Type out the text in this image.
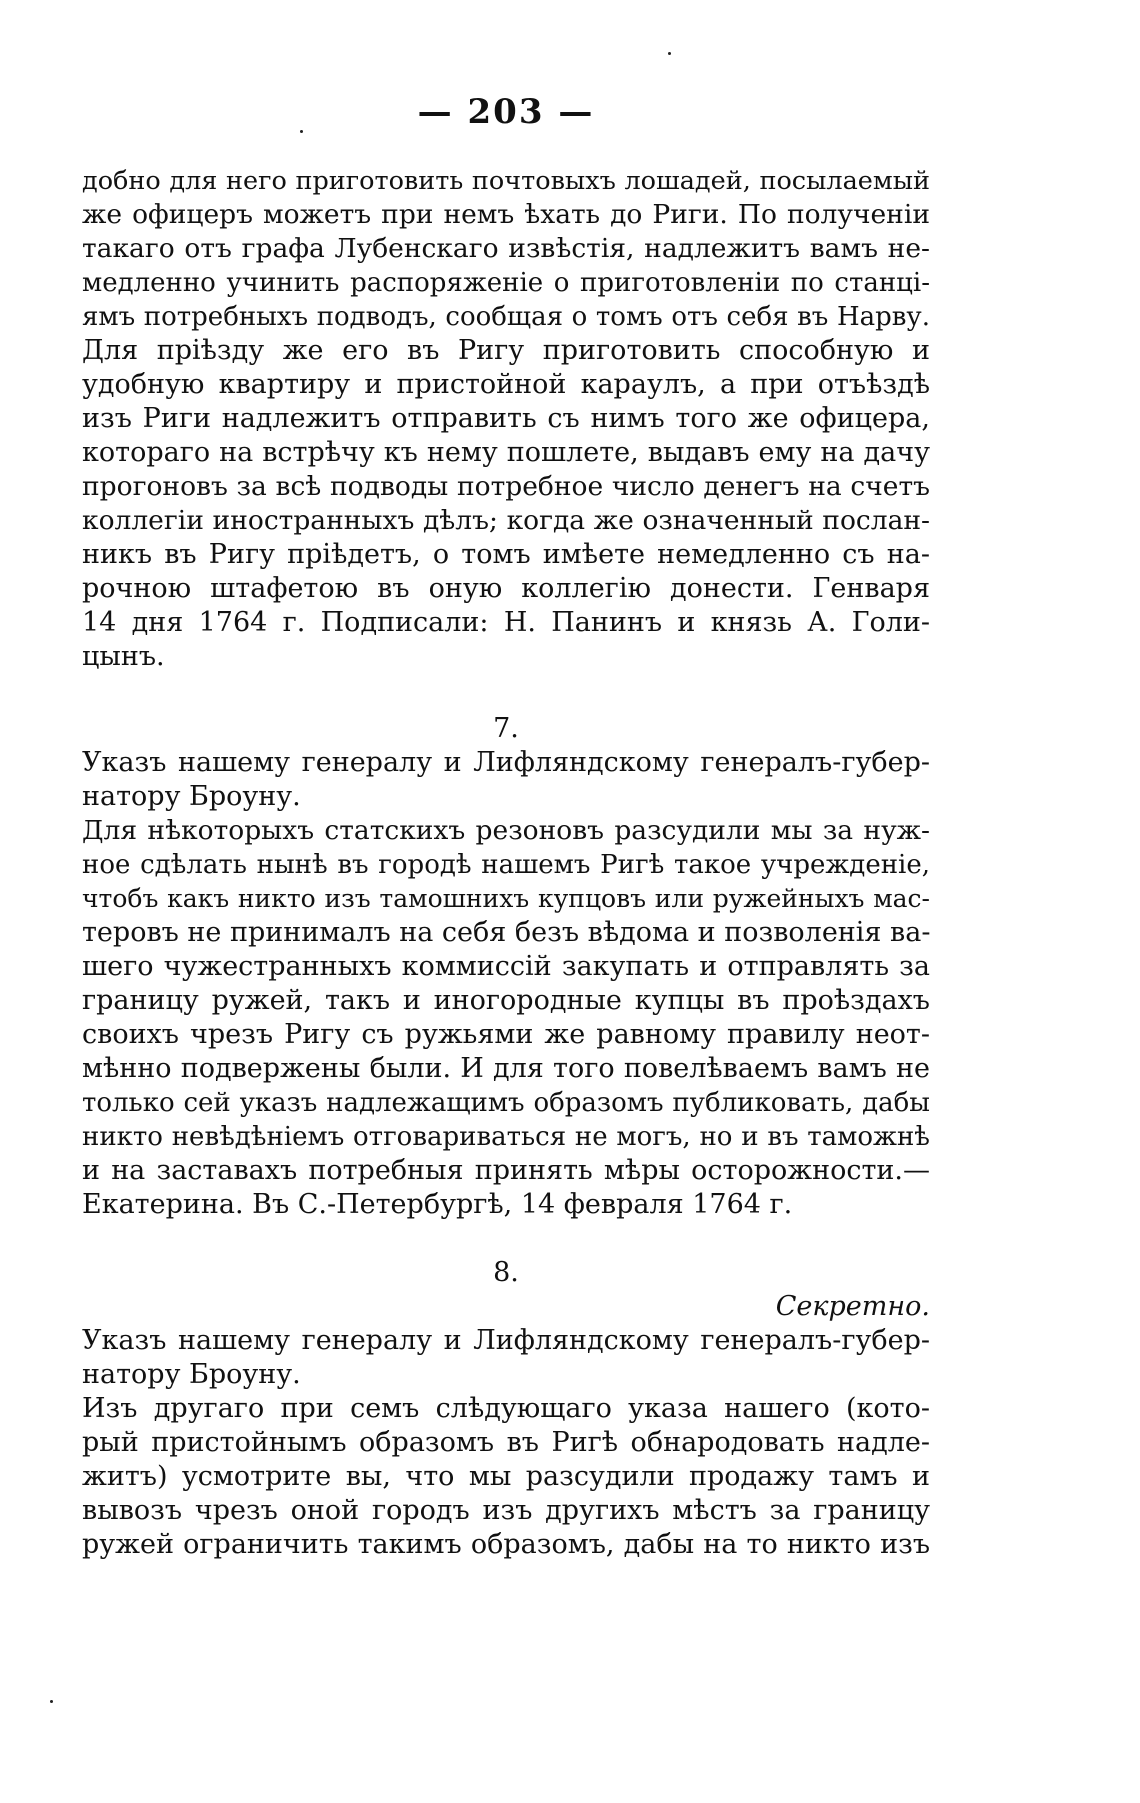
— 203 —
добно для него приготовить почтовыхъ лошадей, посылаемый
же офицеръ можетъ при немъ ѣхать до Риги. По полученіи
такаго отъ графа Лубенскаго извѣстія, надлежитъ вамъ не-
медленно учинить распоряженіе о приготовленіи по станці-
ямъ потребныхъ подводъ, сообщая о томъ отъ себя въ Нарву.
Для пріѣзду же его въ Ригу приготовить способную и
удобную квартиру и пристойной караулъ, а при отъѣздѣ
изъ Риги надлежитъ отправить съ нимъ того же офицера,
котораго на встрѣчу къ нему пошлете, выдавъ ему на дачу
прогоновъ за всѣ подводы потребное число денегъ на счетъ
коллегіи иностранныхъ дѣлъ; когда же означенный послан-
никъ въ Ригу пріѣдетъ, о томъ имѣете немедленно съ на-
рочною штафетою въ оную коллегію донести. Генваря
14 дня 1764 г. Подписали: Н. Панинъ и князь А. Голи-
цынъ.
7.
Указъ нашему генералу и Лифляндскому генералъ-губер-
натору Броуну.
Для нѣкоторыхъ статскихъ резоновъ разсудили мы за нуж-
ное сдѣлать нынѣ въ городѣ нашемъ Ригѣ такое учрежденіе,
чтобъ какъ никто изъ тамошнихъ купцовъ или ружейныхъ мас-
теровъ не принималъ на себя безъ вѣдома и позволенія ва-
шего чужестранныхъ коммиссій закупать и отправлять за
границу ружей, такъ и иногородные купцы въ проѣздахъ
своихъ чрезъ Ригу съ ружьями же равному правилу неот-
мѣнно подвержены были. И для того повелѣваемъ вамъ не
только сей указъ надлежащимъ образомъ публиковать, дабы
никто невѣдѣніемъ отговариваться не могъ, но и въ таможнѣ
и на заставахъ потребныя принять мѣры осторожности.—
Екатерина. Въ С.-Петербургѣ, 14 февраля 1764 г.
8.
Секретно.
Указъ нашему генералу и Лифляндскому генералъ-губер-
натору Броуну.
Изъ другаго при семъ слѣдующаго указа нашего (кото-
рый пристойнымъ образомъ въ Ригѣ обнародовать надле-
житъ) усмотрите вы, что мы разсудили продажу тамъ и
вывозъ чрезъ оной городъ изъ другихъ мѣстъ за границу
ружей ограничить такимъ образомъ, дабы на то никто изъ
